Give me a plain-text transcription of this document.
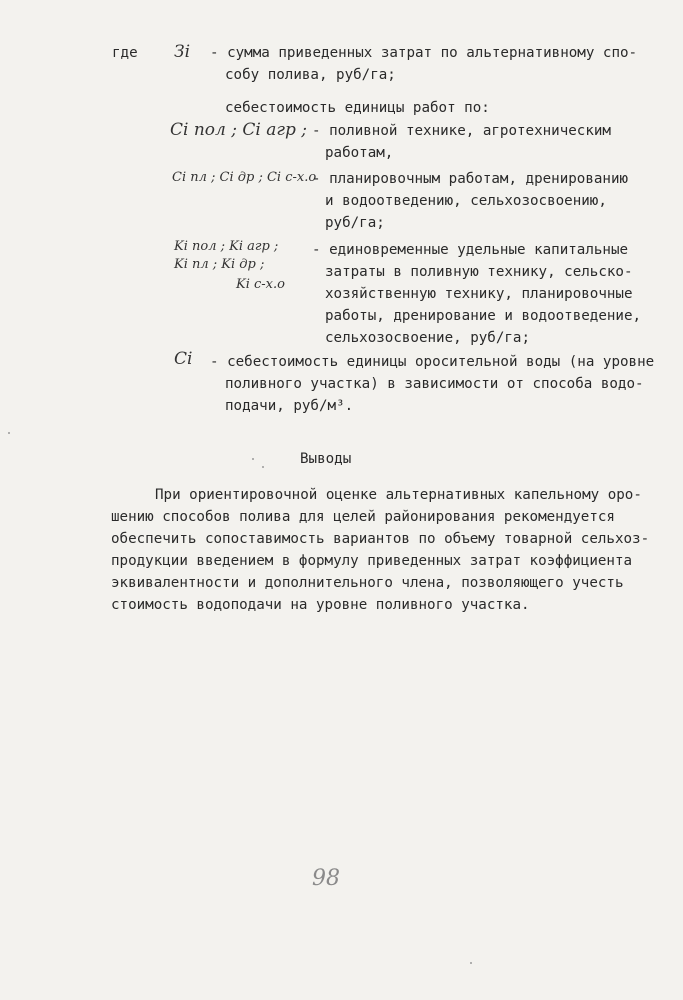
где Зi - сумма приведенных затрат по альтернативному спо-
собу полива, руб/га;
себестоимость единицы работ по:
Ci пол ; Ci агр ; - поливной технике, агротехническим
работам,
Ci пл ; Ci др ; Ci с-х.о
- планировочным работам, дренированию
и водоотведению, сельхозосвоению,
руб/га;
Ki пол ; Ki агр ;
Ki пл ; Ki др ;
Ki с-х.о
- единовременные удельные капитальные
затраты в поливную технику, сельско-
хозяйственную технику, планировочные
работы, дренирование и водоотведение,
сельхозосвоение, руб/га;
Ci - себестоимость единицы оросительной воды (на уровне
поливного участка) в зависимости от способа водо-
подачи, руб/м³.
Выводы
При ориентировочной оценке альтернативных капельному оро-
шению способов полива для целей районирования рекомендуется
обеспечить сопоставимость вариантов по объему товарной сельхоз-
продукции введением в формулу приведенных затрат коэффициента
эквивалентности и дополнительного члена, позволяющего учесть
стоимость водоподачи на уровне поливного участка.
98
